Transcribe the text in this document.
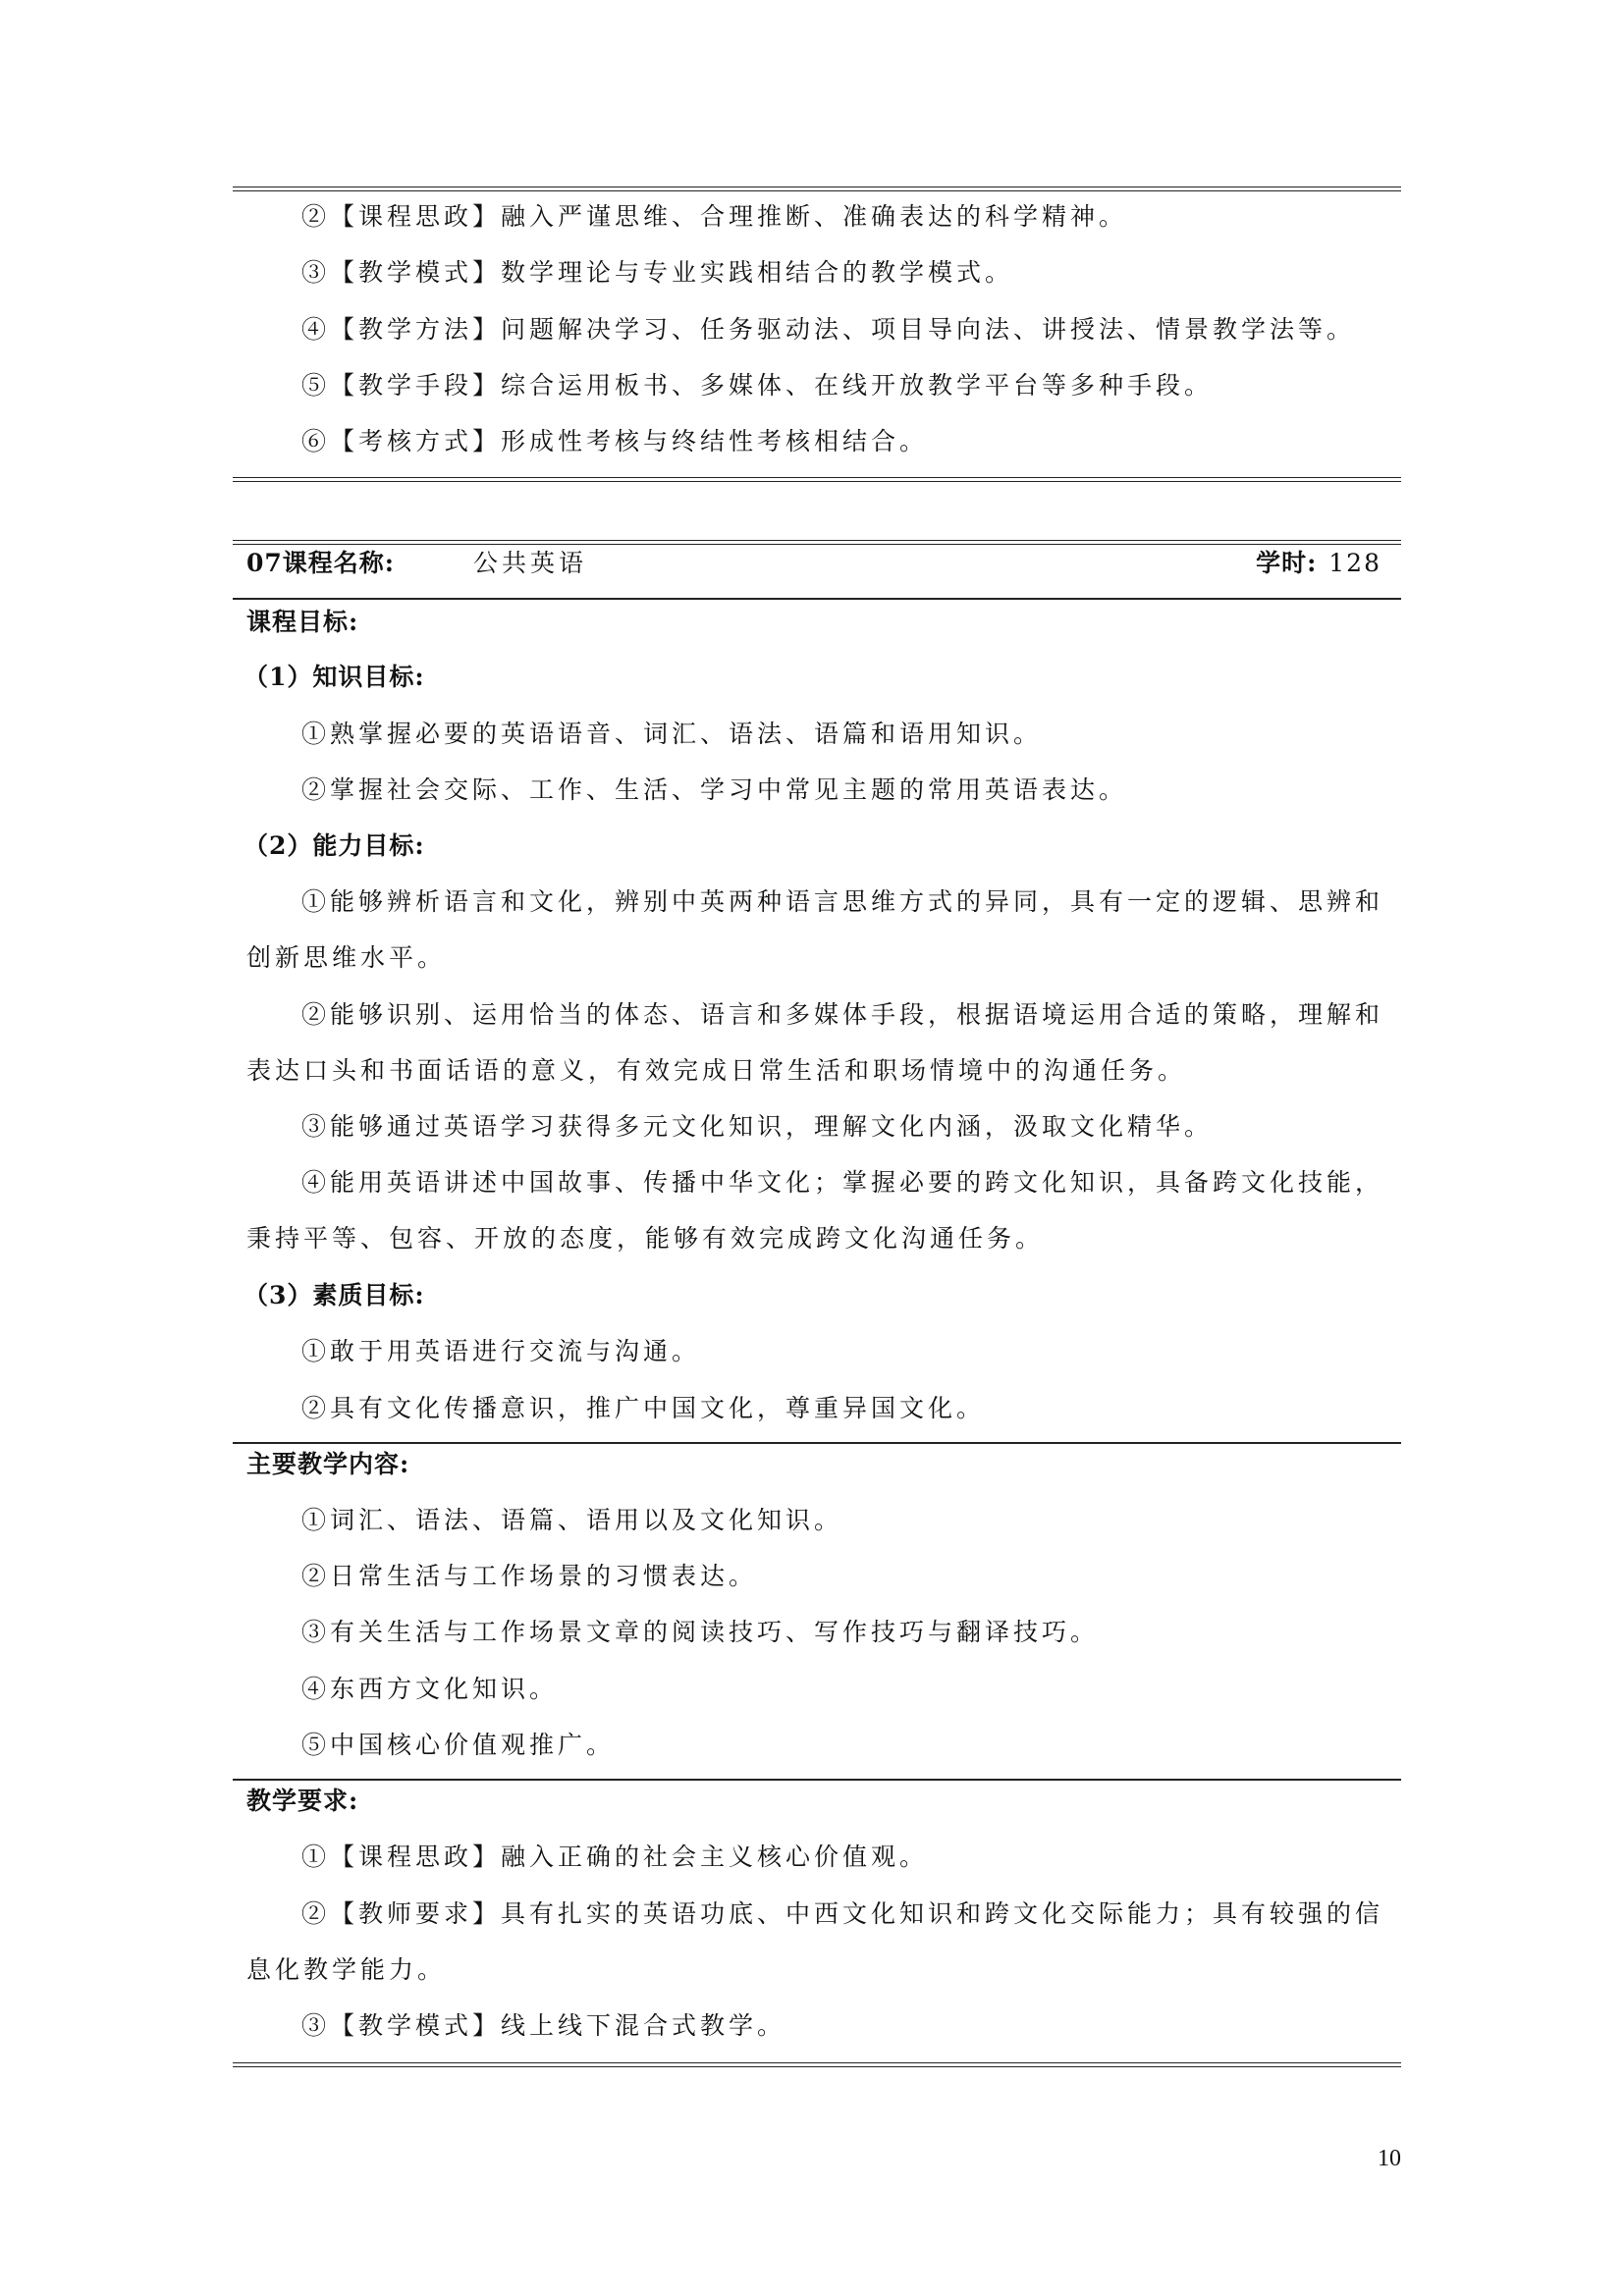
②【课程思政】融入严谨思维、合理推断、准确表达的科学精神。
③【教学模式】数学理论与专业实践相结合的教学模式。
④【教学方法】问题解决学习、任务驱动法、项目导向法、讲授法、情景教学法等。
⑤【教学手段】综合运用板书、多媒体、在线开放教学平台等多种手段。
⑥【考核方式】形成性考核与终结性考核相结合。
07课程名称:	公共英语	学时: 128
课程目标:
（1）知识目标:
①熟掌握必要的英语语音、词汇、语法、语篇和语用知识。
②掌握社会交际、工作、生活、学习中常见主题的常用英语表达。
（2）能力目标:
①能够辨析语言和文化，辨别中英两种语言思维方式的异同，具有一定的逻辑、思辨和
创新思维水平。
②能够识别、运用恰当的体态、语言和多媒体手段，根据语境运用合适的策略，理解和
表达口头和书面话语的意义，有效完成日常生活和职场情境中的沟通任务。
③能够通过英语学习获得多元文化知识，理解文化内涵，汲取文化精华。
④能用英语讲述中国故事、传播中华文化；掌握必要的跨文化知识，具备跨文化技能，
秉持平等、包容、开放的态度，能够有效完成跨文化沟通任务。
（3）素质目标:
①敢于用英语进行交流与沟通。
②具有文化传播意识，推广中国文化，尊重异国文化。
主要教学内容:
①词汇、语法、语篇、语用以及文化知识。
②日常生活与工作场景的习惯表达。
③有关生活与工作场景文章的阅读技巧、写作技巧与翻译技巧。
④东西方文化知识。
⑤中国核心价值观推广。
教学要求:
①【课程思政】融入正确的社会主义核心价值观。
②【教师要求】具有扎实的英语功底、中西文化知识和跨文化交际能力；具有较强的信
息化教学能力。
③【教学模式】线上线下混合式教学。
10
